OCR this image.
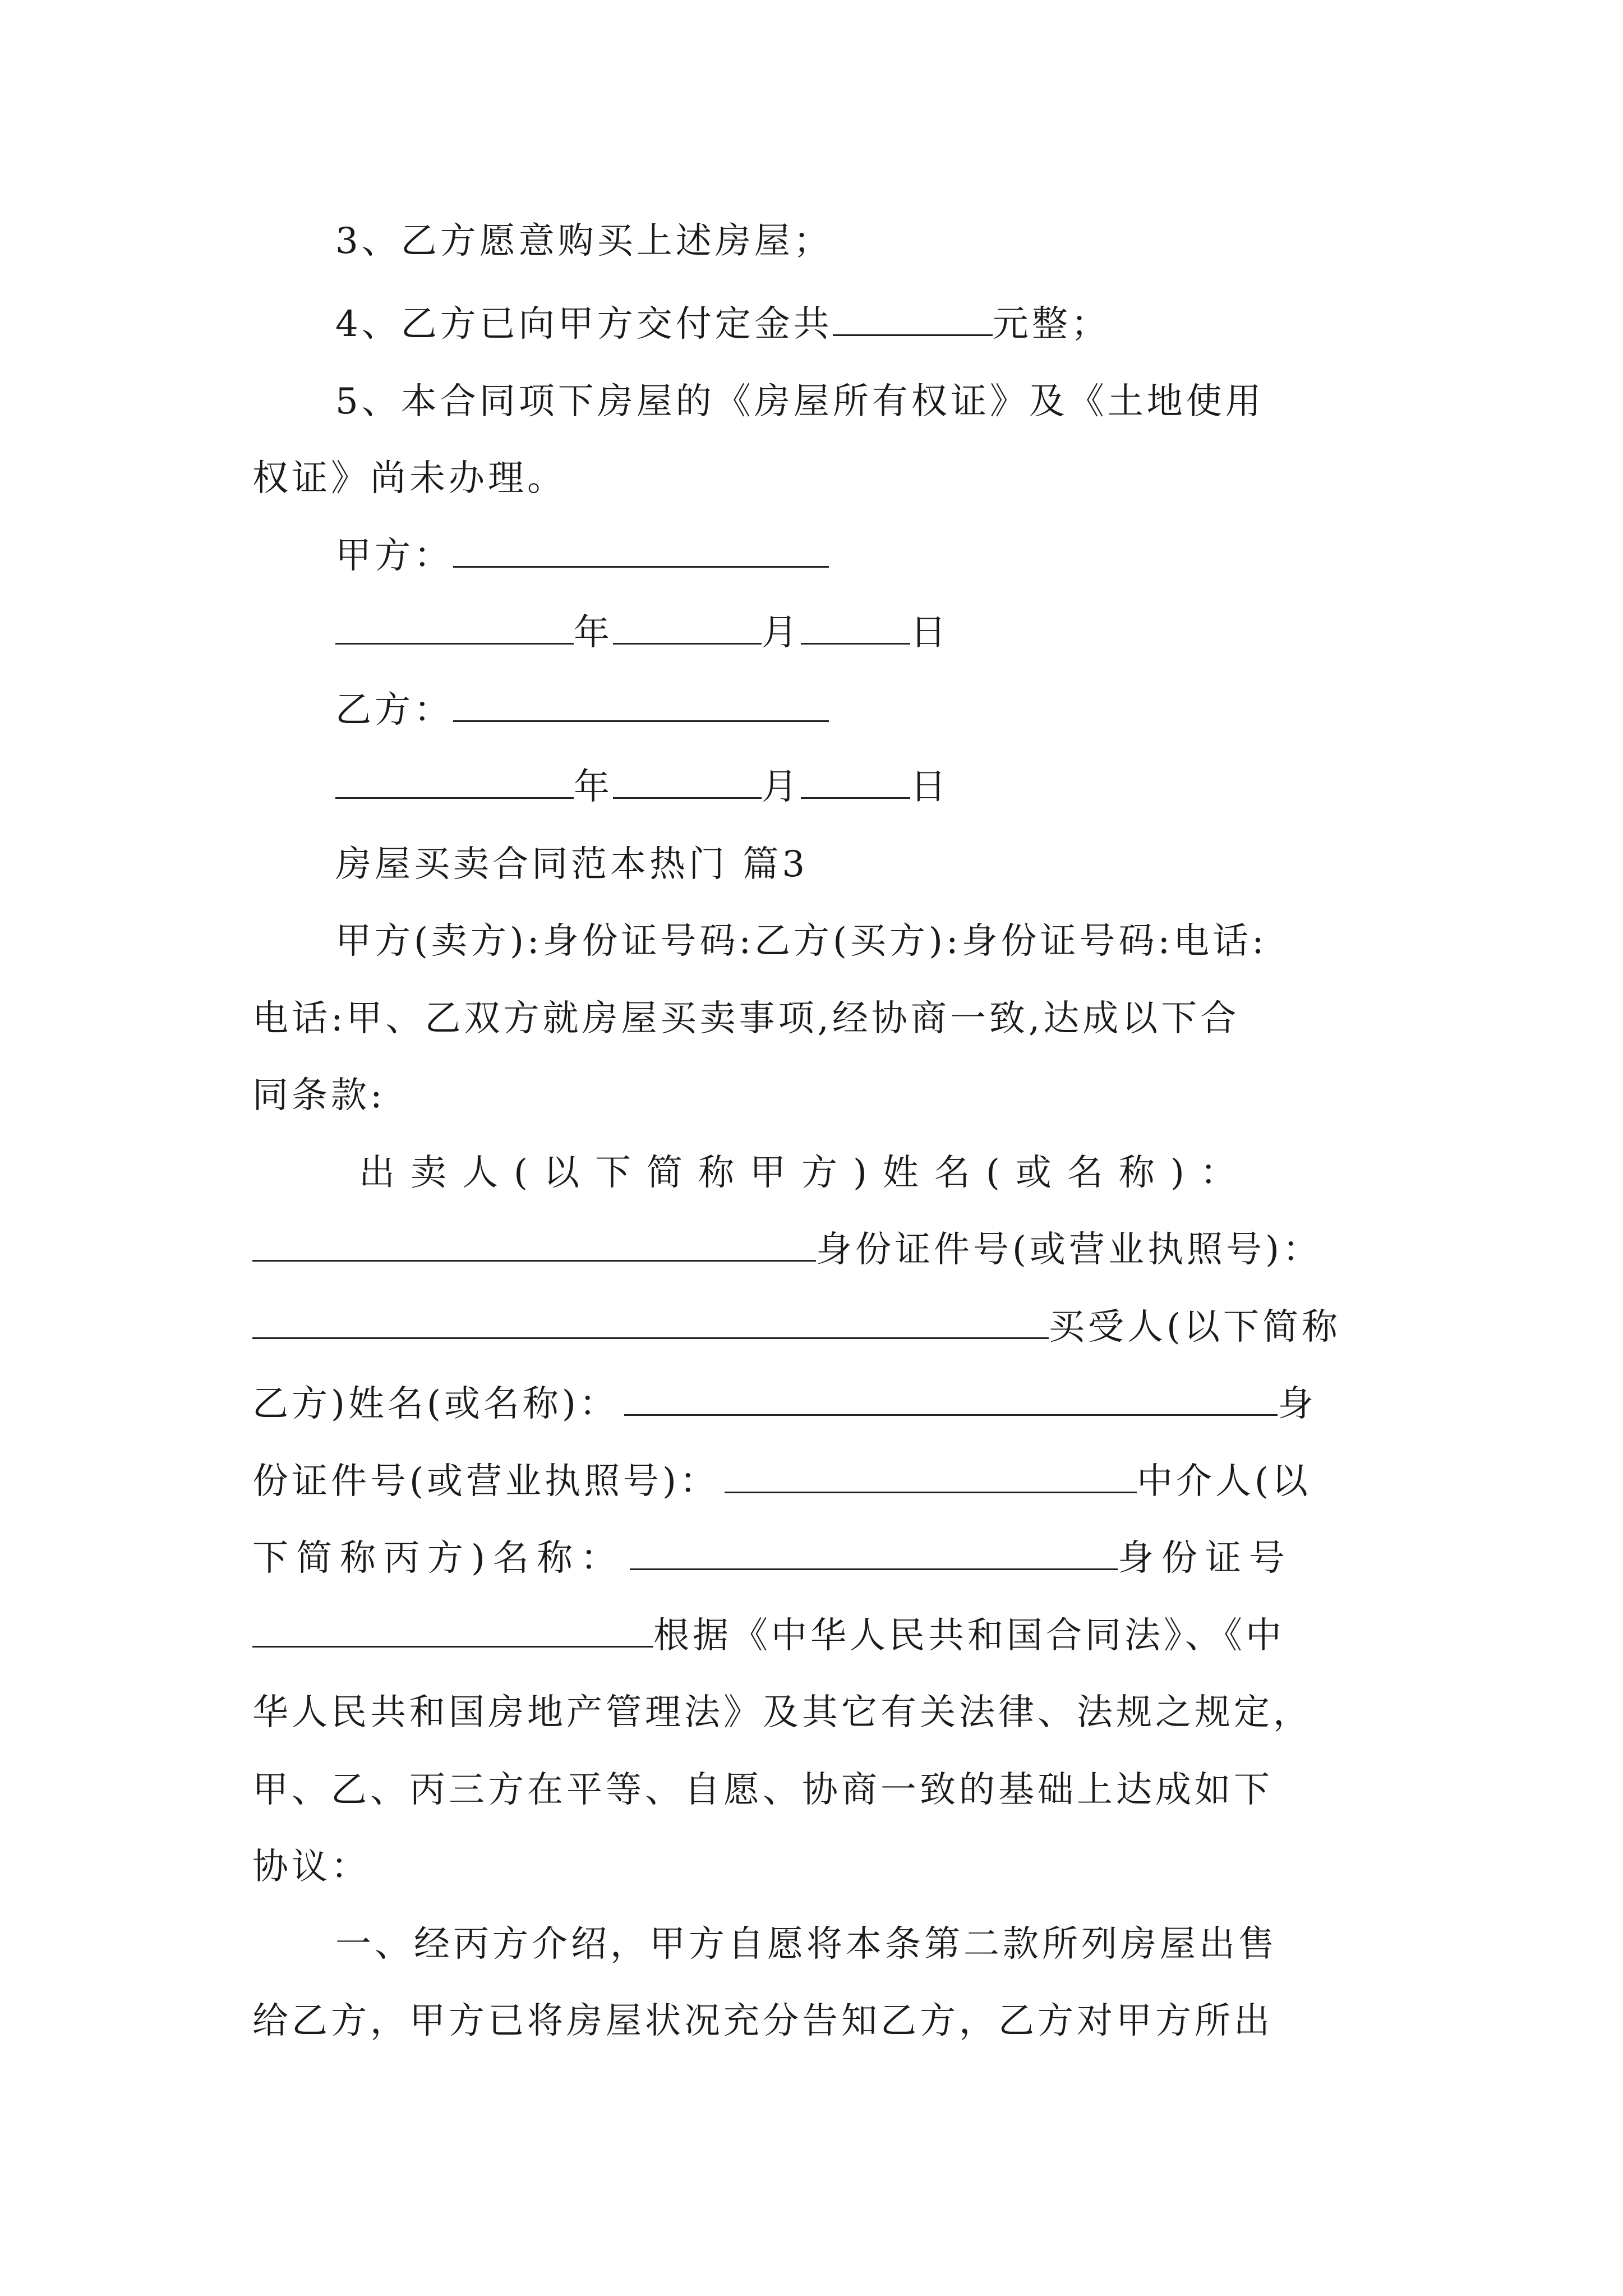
3、乙方愿意购买上述房屋；
4、乙方已向甲方交付定金共	元整；
5、本合同项下房屋的《房屋所有权证》及《土地使用
权证》尚未办理。
甲方：
年	月	日
乙方：
年	月	日
房屋买卖合同范本热门 篇3
甲方(卖方):身份证号码:乙方(买方):身份证号码:电话:
电话:甲、乙双方就房屋买卖事项,经协商一致,达成以下合
同条款:
出卖人(以下简称甲方)姓名(或名称)：
身份证件号(或营业执照号)：
买受人(以下简称
乙方)姓名(或名称)：	身
份证件号(或营业执照号)：	中介人(以
下简称丙方)名称：	身份证号
根据《中华人民共和国合同法》、《中
华人民共和国房地产管理法》及其它有关法律、法规之规定，
甲、乙、丙三方在平等、自愿、协商一致的基础上达成如下
协议：
一、经丙方介绍，甲方自愿将本条第二款所列房屋出售
给乙方，甲方已将房屋状况充分告知乙方，乙方对甲方所出
